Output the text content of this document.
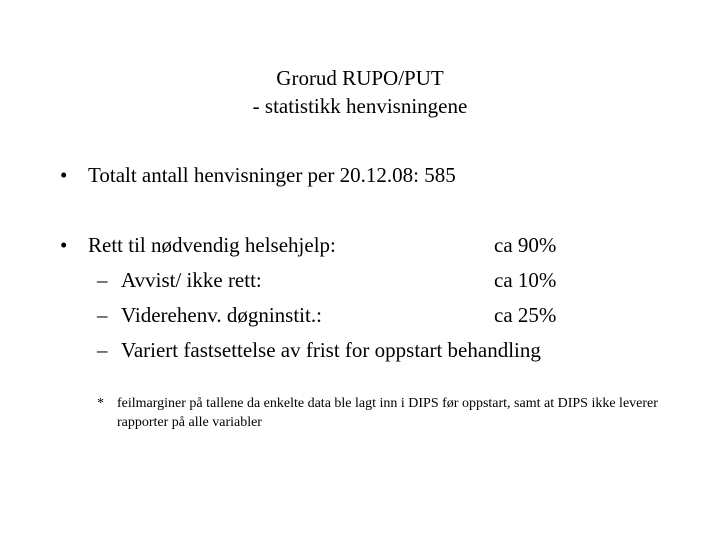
Grorud RUPO/PUT
- statistikk henvisningene
• Totalt antall henvisninger per 20.12.08: 585
• Rett til nødvendig helsehjelp:	ca 90%
– Avvist/ ikke rett:	ca 10%
– Viderehenv. døgninstit.:	ca 25%
– Variert fastsettelse av frist for oppstart behandling
* feilmarginer på tallene da enkelte data ble lagt inn i DIPS før oppstart, samt at DIPS ikke leverer rapporter på alle variabler
